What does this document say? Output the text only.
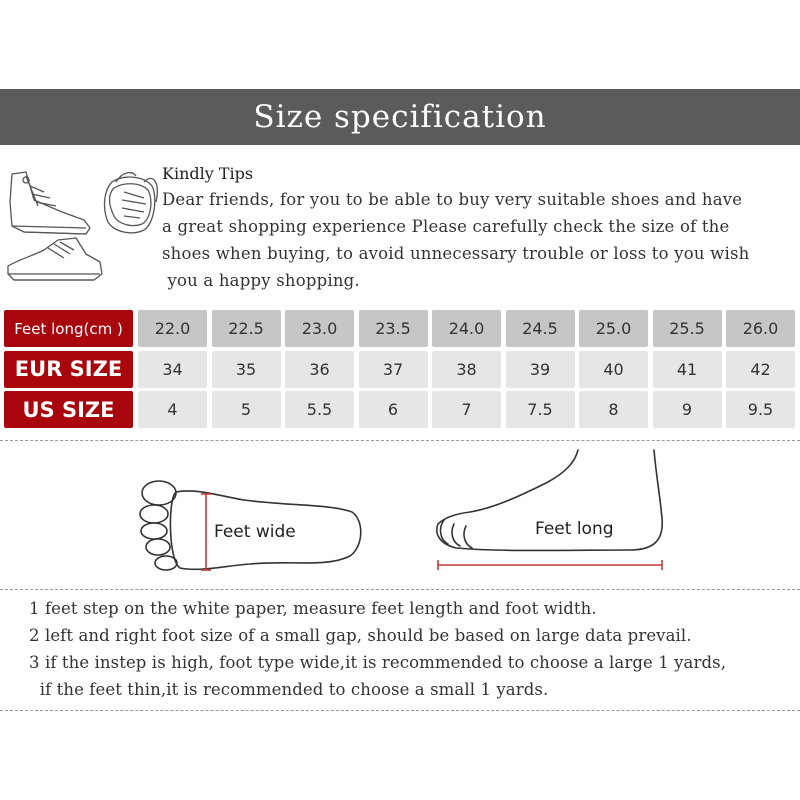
Size specification
Kindly Tips
Dear friends, for you to be able to buy very suitable shoes and have
a great shopping experience Please carefully check the size of the
shoes when buying, to avoid unnecessary trouble or loss to you wish
you a happy shopping.
Feet long(cm )	22.0	22.5	23.0	23.5	24.0	24.5	25.0	25.5	26.0
EUR SIZE	34	35	36	37	38	39	40	41	42
US SIZE	4	5	5.5	6	7	7.5	8	9	9.5
Feet wide	Feet long
1 feet step on the white paper, measure feet length and foot width.
2 left and right foot size of a small gap, should be based on large data prevail.
3 if the instep is high, foot type wide,it is recommended to choose a large 1 yards,
if the feet thin,it is recommended to choose a small 1 yards.
